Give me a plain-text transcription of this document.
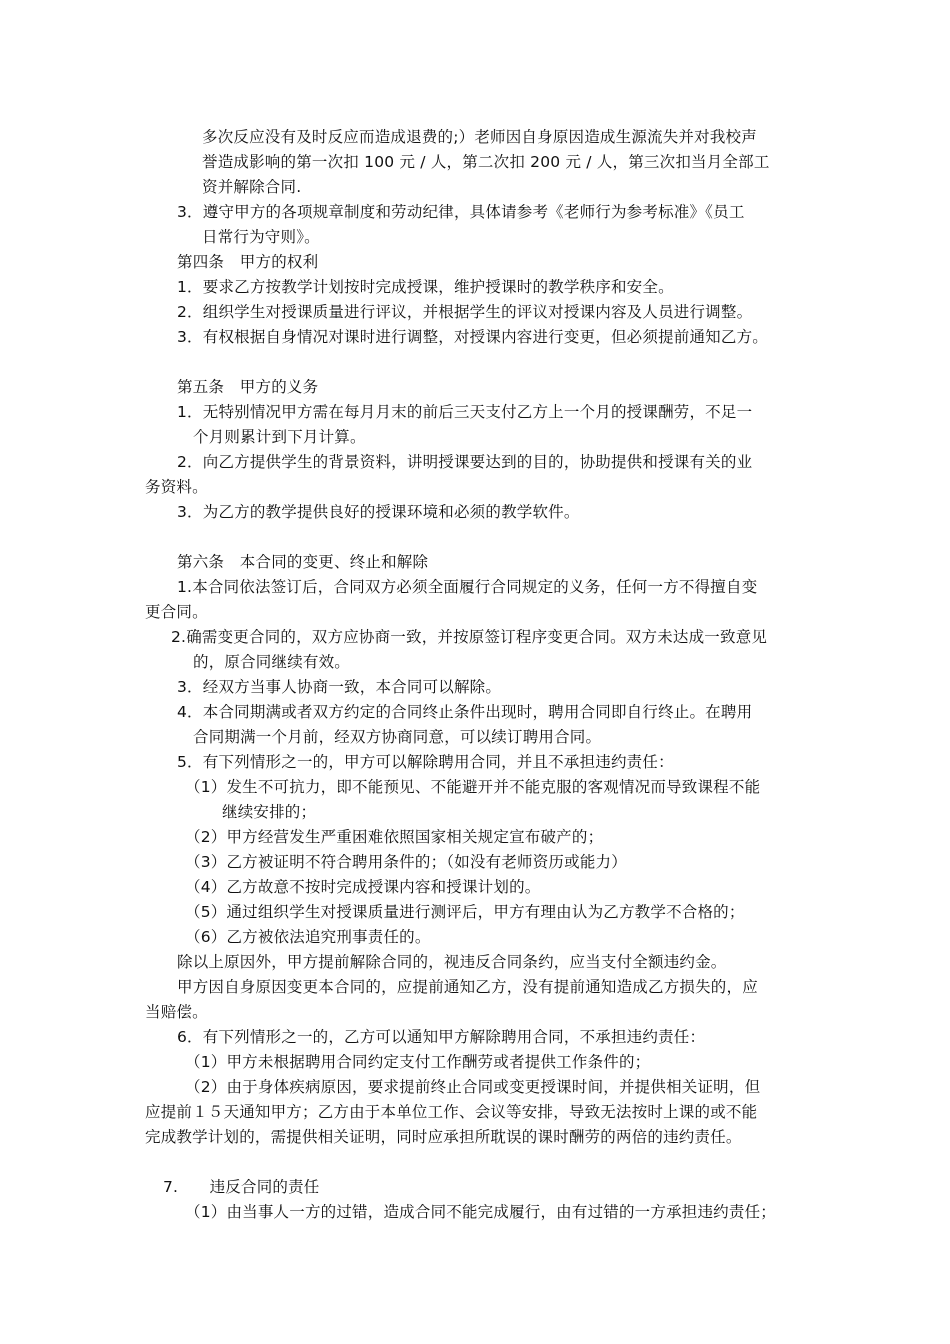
多次反应没有及时反应而造成退费的;）老师因自身原因造成生源流失并对我校声
誉造成影响的第一次扣 100 元 / 人，第二次扣 200 元 / 人，第三次扣当月全部工
资并解除合同.
3．遵守甲方的各项规章制度和劳动纪律，具体请参考《老师行为参考标准》《员工
日常行为守则》。
第四条　甲方的权利
1．要求乙方按教学计划按时完成授课，维护授课时的教学秩序和安全。
2．组织学生对授课质量进行评议，并根据学生的评议对授课内容及人员进行调整。
3．有权根据自身情况对课时进行调整，对授课内容进行变更，但必须提前通知乙方。
第五条　甲方的义务
1．无特别情况甲方需在每月月末的前后三天支付乙方上一个月的授课酬劳，不足一
个月则累计到下月计算。
2．向乙方提供学生的背景资料，讲明授课要达到的目的，协助提供和授课有关的业
务资料。
3．为乙方的教学提供良好的授课环境和必须的教学软件。
第六条　本合同的变更、终止和解除
1.本合同依法签订后，合同双方必须全面履行合同规定的义务，任何一方不得擅自变
更合同。
2.确需变更合同的，双方应协商一致，并按原签订程序变更合同。双方未达成一致意见
的，原合同继续有效。
3．经双方当事人协商一致，本合同可以解除。
4．本合同期满或者双方约定的合同终止条件出现时，聘用合同即自行终止。在聘用
合同期满一个月前，经双方协商同意，可以续订聘用合同。
5．有下列情形之一的，甲方可以解除聘用合同，并且不承担违约责任：
（1）发生不可抗力，即不能预见、不能避开并不能克服的客观情况而导致课程不能
继续安排的；
（2）甲方经营发生严重困难依照国家相关规定宣布破产的；
（3）乙方被证明不符合聘用条件的；（如没有老师资历或能力）
（4）乙方故意不按时完成授课内容和授课计划的。
（5）通过组织学生对授课质量进行测评后，甲方有理由认为乙方教学不合格的；
（6）乙方被依法追究刑事责任的。
除以上原因外，甲方提前解除合同的，视违反合同条约，应当支付全额违约金。
甲方因自身原因变更本合同的，应提前通知乙方，没有提前通知造成乙方损失的，应
当赔偿。
6．有下列情形之一的，乙方可以通知甲方解除聘用合同，不承担违约责任：
（1）甲方未根据聘用合同约定支付工作酬劳或者提供工作条件的；
（2）由于身体疾病原因，要求提前终止合同或变更授课时间，并提供相关证明，但
应提前１５天通知甲方；乙方由于本单位工作、会议等安排，导致无法按时上课的或不能
完成教学计划的，需提供相关证明，同时应承担所耽误的课时酬劳的两倍的违约责任。
7.　　违反合同的责任
（1）由当事人一方的过错，造成合同不能完成履行，由有过错的一方承担违约责任；
